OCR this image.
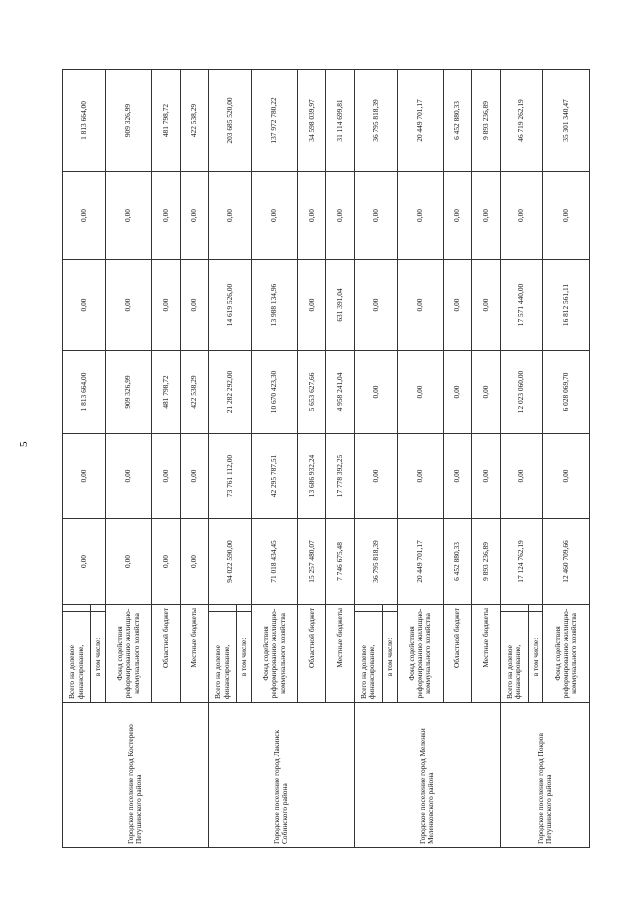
5
Городское поселение город Костерево Петушинского района	Всего на долевое финансирование,		0,00	0,00	1 813 664,00	0,00	0,00	1 813 664,00
	в том числе:							
	Фонд содействия реформированию жилищно-коммунального хозяйства		0,00	0,00	909 326,99	0,00	0,00	909 326,99
	Областной бюджет		0,00	0,00	481 798,72	0,00	0,00	481 798,72
	Местные бюджеты		0,00	0,00	422 538,29	0,00	0,00	422 538,29
Городское поселение город Лакинск Собинского района	Всего на долевое финансирование,		94 022 590,00	73 761 112,00	21 282 292,00	14 619 526,00	0,00	203 685 520,00
	в том числе:							
	Фонд содействия реформированию жилищно-коммунального хозяйства		71 018 434,45	42 295 787,51	10 670 423,30	13 988 134,96	0,00	137 972 780,22
	Областной бюджет		15 257 480,07	13 686 932,24	5 653 627,66	0,00	0,00	34 598 039,97
	Местные бюджеты		7 746 675,48	17 778 392,25	4 958 241,04	631 391,04	0,00	31 114 699,81
Городское поселение город Меленки Меленковского района	Всего на долевое финансирование,		36 795 818,39	0,00	0,00	0,00	0,00	36 795 818,39
	в том числе:							
	Фонд содействия реформированию жилищно-коммунального хозяйства		20 449 701,17	0,00	0,00	0,00	0,00	20 449 701,17
	Областной бюджет		6 452 880,33	0,00	0,00	0,00	0,00	6 452 880,33
	Местные бюджеты		9 893 236,89	0,00	0,00	0,00	0,00	9 893 236,89
Городское поселение город Покров Петушинского района	Всего на долевое финансирование,		17 124 762,19	0,00	12 023 060,00	17 571 440,00	0,00	46 719 262,19
	в том числе:							
	Фонд содействия реформированию жилищно-коммунального хозяйства		12 460 709,66	0,00	6 028 069,70	16 812 561,11	0,00	35 301 340,47
